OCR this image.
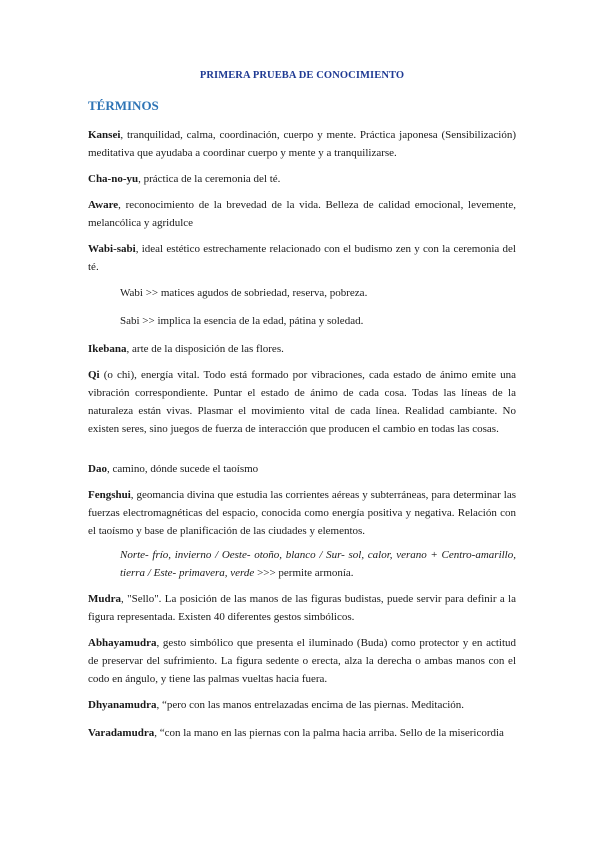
PRIMERA PRUEBA DE CONOCIMIENTO
TÉRMINOS

Kansei, tranquilidad, calma, coordinación, cuerpo y mente. Práctica japonesa (Sensibilización) meditativa que ayudaba a coordinar cuerpo y mente y a tranquilizarse.

Cha-no-yu, práctica de la ceremonia del té.

Aware, reconocimiento de la brevedad de la vida. Belleza de calidad emocional, levemente, melancólica y agridulce

Wabi-sabi, ideal estético estrechamente relacionado con el budismo zen y con la ceremonia del té.

Wabi >> matices agudos de sobriedad, reserva, pobreza.

Sabi >> implica la esencia de la edad, pátina y soledad.

Ikebana, arte de la disposición de las flores.

Qi (o chi), energía vital. Todo está formado por vibraciones, cada estado de ánimo emite una vibración correspondiente. Puntar el estado de ánimo de cada cosa. Todas las líneas de la naturaleza están vivas. Plasmar el movimiento vital de cada línea. Realidad cambiante. No existen seres, sino juegos de fuerza de interacción que producen el cambio en todas las cosas.

Dao, camino, dónde sucede el taoísmo

Fengshui, geomancia divina que estudia las corrientes aéreas y subterráneas, para determinar las fuerzas electromagnéticas del espacio, conocida como energía positiva y negativa. Relación con el taoísmo y base de planificación de las ciudades y elementos.

Norte- frío, invierno / Oeste- otoño, blanco / Sur- sol, calor, verano + Centro-amarillo, tierra / Este- primavera, verde >>> permite armonía.

Mudra, "Sello". La posición de las manos de las figuras budistas, puede servir para definir a la figura representada. Existen 40 diferentes gestos simbólicos.

Abhayamudra, gesto simbólico que presenta el iluminado (Buda) como protector y en actitud de preservar del sufrimiento. La figura sedente o erecta, alza la derecha o ambas manos con el codo en ángulo, y tiene las palmas vueltas hacia fuera.

Dhyanamudra, “pero con las manos entrelazadas encima de las piernas. Meditación.

Varadamudra, “con la mano en las piernas con la palma hacia arriba. Sello de la misericordia
